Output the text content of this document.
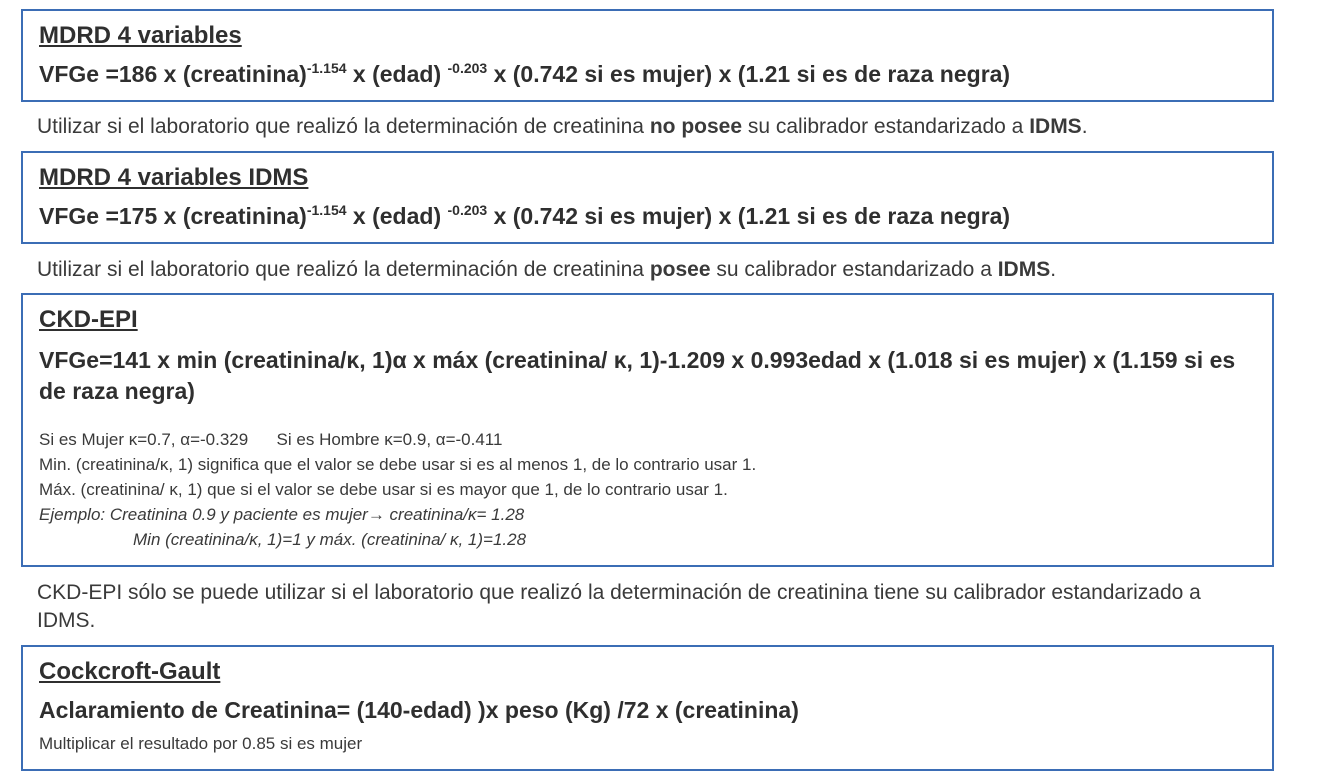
MDRD 4 variables

VFGe =186 x (creatinina)$^{-1.154}$ x (edad) $^{-0.203}$ x (0.742 si es mujer) x (1.21 si es de raza negra)

Utilizar si el laboratorio que realizó la determinación de creatinina no posee su calibrador estandarizado a IDMS.

MDRD 4 variables IDMS

VFGe =175 x (creatinina)$^{-1.154}$ x (edad) $^{-0.203}$ x (0.742 si es mujer) x (1.21 si es de raza negra)

Utilizar si el laboratorio que realizó la determinación de creatinina posee su calibrador estandarizado a IDMS.

CKD-EPI

VFGe=141 x min (creatinina/κ, 1)α x máx (creatinina/ κ, 1)-1.209 x 0.993edad x (1.018 si es mujer) x (1.159 si es de raza negra)

Si es Mujer κ=0.7, α=-0.329      Si es Hombre κ=0.9, α=-0.411
Min. (creatinina/κ, 1) significa que el valor se debe usar si es al menos 1, de lo contrario usar 1.
Máx. (creatinina/ κ, 1) que si el valor se debe usar si es mayor que 1, de lo contrario usar 1.
Ejemplo: Creatinina 0.9 y paciente es mujer→ creatinina/κ= 1.28
Min (creatinina/κ, 1)=1 y máx. (creatinina/ κ, 1)=1.28
CKD-EPI sólo se puede utilizar si el laboratorio que realizó la determinación de creatinina tiene su calibrador estandarizado a IDMS.

Cockcroft-Gault

Aclaramiento de Creatinina= (140-edad) )x peso (Kg) /72 x (creatinina)

Multiplicar el resultado por 0.85 si es mujer
